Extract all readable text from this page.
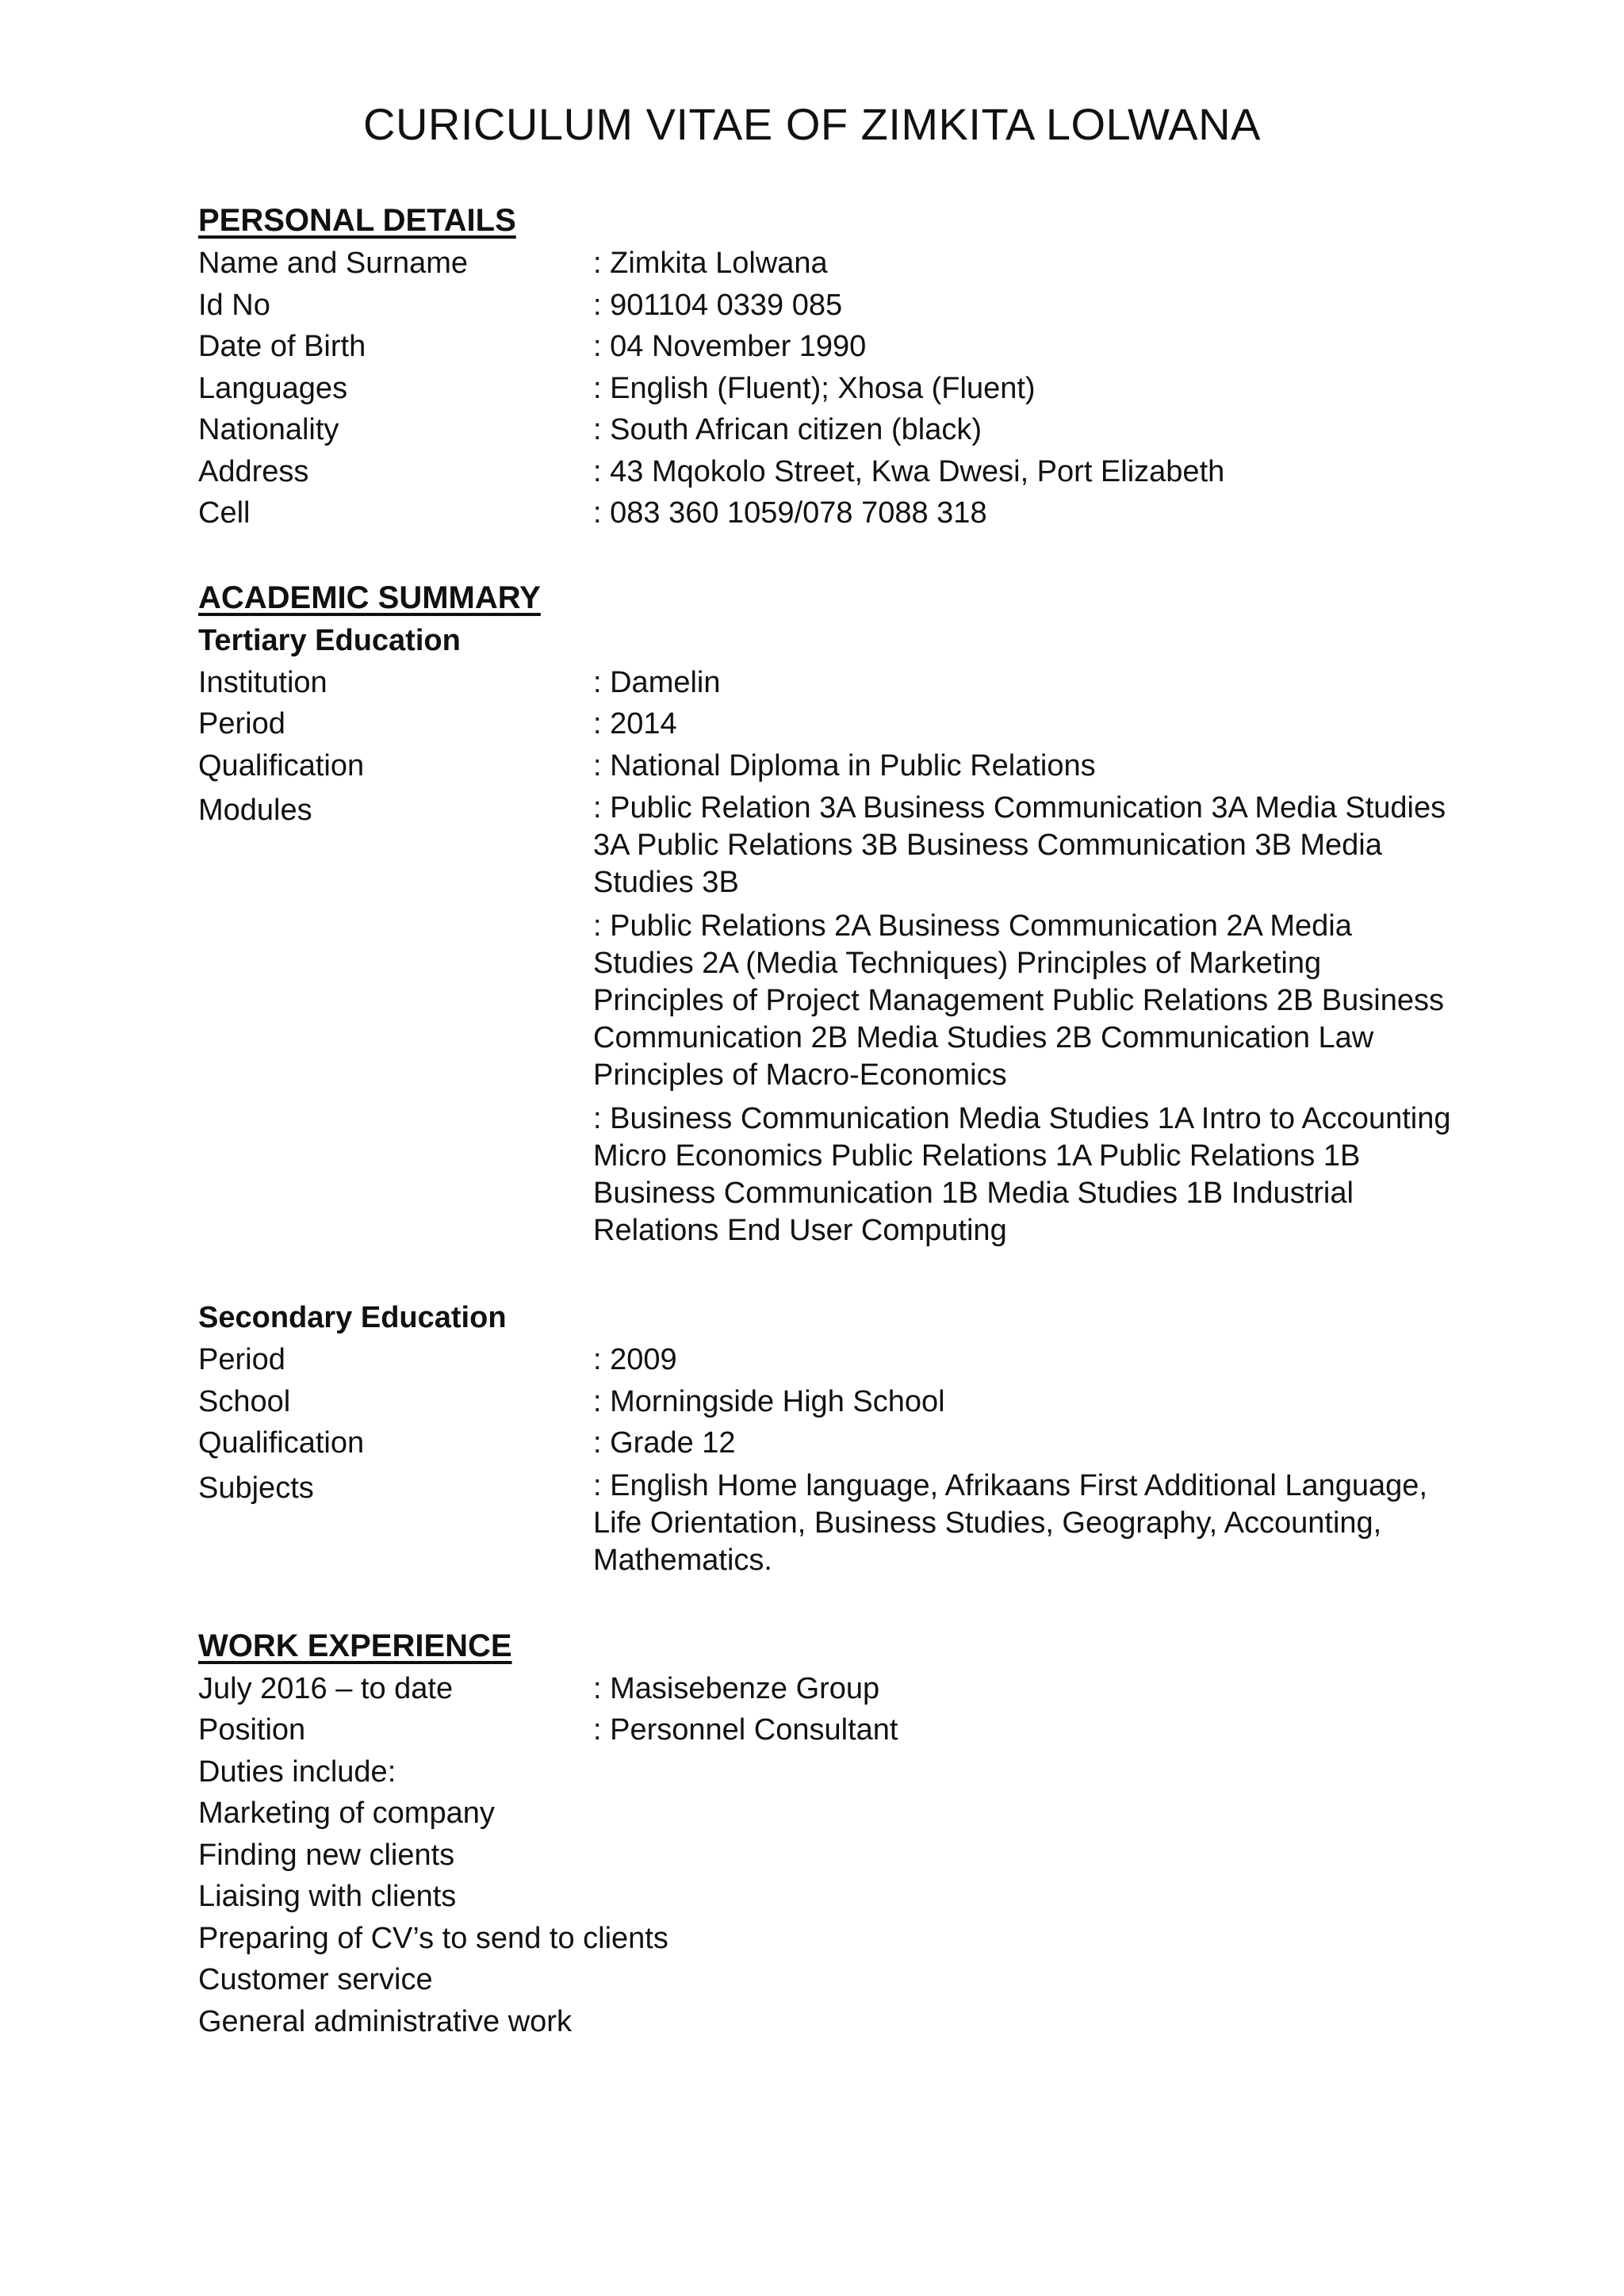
CURICULUM VITAE OF ZIMKITA LOLWANA
PERSONAL DETAILS
Name and Surname	: Zimkita Lolwana
Id No	: 901104 0339 085
Date of Birth	: 04 November 1990
Languages	: English (Fluent); Xhosa (Fluent)
Nationality	: South African citizen (black)
Address	: 43 Mqokolo Street, Kwa Dwesi, Port Elizabeth
Cell	: 083 360 1059/078 7088 318
ACADEMIC SUMMARY
Tertiary Education
Institution	: Damelin
Period	: 2014
Qualification	: National Diploma in Public Relations
Modules	: Public Relation 3A Business Communication 3A Media Studies 3A Public Relations 3B Business Communication 3B Media Studies 3B
: Public Relations 2A Business Communication 2A Media Studies 2A (Media Techniques) Principles of Marketing Principles of Project Management Public Relations 2B Business Communication 2B Media Studies 2B Communication Law Principles of Macro-Economics
: Business Communication Media Studies 1A Intro to Accounting Micro Economics Public Relations 1A Public Relations 1B Business Communication 1B Media Studies 1B Industrial Relations End User Computing
Secondary Education
Period	: 2009
School	: Morningside High School
Qualification	: Grade 12
Subjects	: English Home language, Afrikaans First Additional Language, Life Orientation, Business Studies, Geography, Accounting, Mathematics.
WORK EXPERIENCE
July 2016 – to date	: Masisebenze Group
Position	: Personnel Consultant
Duties include:
Marketing of company
Finding new clients
Liaising with clients
Preparing of CV’s to send to clients
Customer service
General administrative work
